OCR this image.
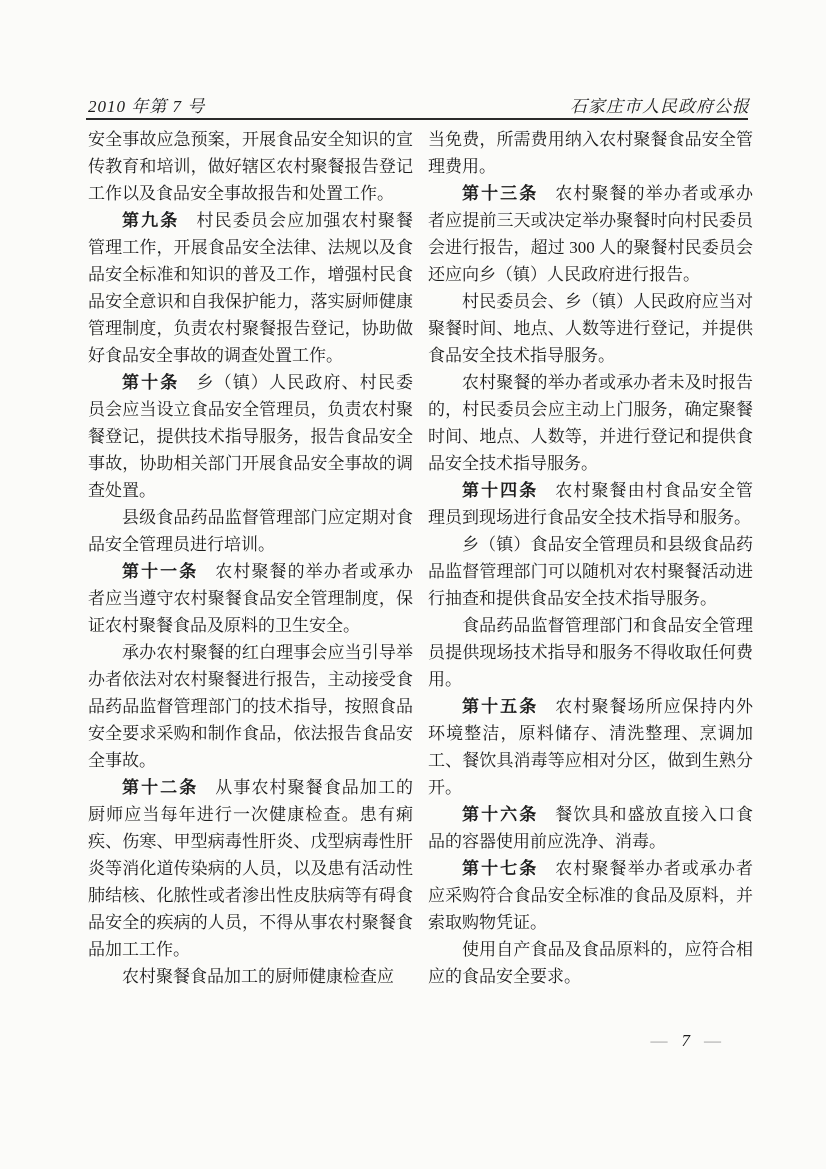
2010 年第 7 号	石家庄市人民政府公报

安全事故应急预案，开展食品安全知识的宣传教育和培训，做好辖区农村聚餐报告登记工作以及食品安全事故报告和处置工作。

第九条 村民委员会应加强农村聚餐管理工作，开展食品安全法律、法规以及食品安全标准和知识的普及工作，增强村民食品安全意识和自我保护能力，落实厨师健康管理制度，负责农村聚餐报告登记，协助做好食品安全事故的调查处置工作。

第十条 乡（镇）人民政府、村民委员会应当设立食品安全管理员，负责农村聚餐登记，提供技术指导服务，报告食品安全事故，协助相关部门开展食品安全事故的调查处置。

县级食品药品监督管理部门应定期对食品安全管理员进行培训。

第十一条 农村聚餐的举办者或承办者应当遵守农村聚餐食品安全管理制度，保证农村聚餐食品及原料的卫生安全。

承办农村聚餐的红白理事会应当引导举办者依法对农村聚餐进行报告，主动接受食品药品监督管理部门的技术指导，按照食品安全要求采购和制作食品，依法报告食品安全事故。

第十二条 从事农村聚餐食品加工的厨师应当每年进行一次健康检查。患有痢疾、伤寒、甲型病毒性肝炎、戊型病毒性肝炎等消化道传染病的人员，以及患有活动性肺结核、化脓性或者渗出性皮肤病等有碍食品安全的疾病的人员，不得从事农村聚餐食品加工工作。

农村聚餐食品加工的厨师健康检查应

当免费，所需费用纳入农村聚餐食品安全管理费用。

第十三条 农村聚餐的举办者或承办者应提前三天或决定举办聚餐时向村民委员会进行报告，超过 300 人的聚餐村民委员会还应向乡（镇）人民政府进行报告。

村民委员会、乡（镇）人民政府应当对聚餐时间、地点、人数等进行登记，并提供食品安全技术指导服务。

农村聚餐的举办者或承办者未及时报告的，村民委员会应主动上门服务，确定聚餐时间、地点、人数等，并进行登记和提供食品安全技术指导服务。

第十四条 农村聚餐由村食品安全管理员到现场进行食品安全技术指导和服务。

乡（镇）食品安全管理员和县级食品药品监督管理部门可以随机对农村聚餐活动进行抽查和提供食品安全技术指导服务。

食品药品监督管理部门和食品安全管理员提供现场技术指导和服务不得收取任何费用。

第十五条 农村聚餐场所应保持内外环境整洁，原料储存、清洗整理、烹调加工、餐饮具消毒等应相对分区，做到生熟分开。

第十六条 餐饮具和盛放直接入口食品的容器使用前应洗净、消毒。

第十七条 农村聚餐举办者或承办者应采购符合食品安全标准的食品及原料，并索取购物凭证。

使用自产食品及食品原料的，应符合相应的食品安全要求。

— 7 —
